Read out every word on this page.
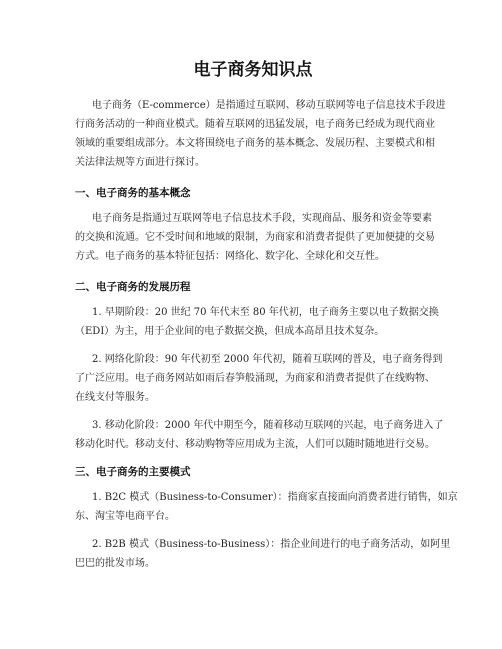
电子商务知识点

电子商务（E-commerce）是指通过互联网、移动互联网等电子信息技术手段进
行商务活动的一种商业模式。随着互联网的迅猛发展，电子商务已经成为现代商业
领域的重要组成部分。本文将围绕电子商务的基本概念、发展历程、主要模式和相
关法律法规等方面进行探讨。

一、电子商务的基本概念

电子商务是指通过互联网等电子信息技术手段，实现商品、服务和资金等要素
的交换和流通。它不受时间和地域的限制，为商家和消费者提供了更加便捷的交易
方式。电子商务的基本特征包括：网络化、数字化、全球化和交互性。

二、电子商务的发展历程

1. 早期阶段：20 世纪 70 年代末至 80 年代初，电子商务主要以电子数据交换
（EDI）为主，用于企业间的电子数据交换，但成本高昂且技术复杂。

2. 网络化阶段：90 年代初至 2000 年代初，随着互联网的普及，电子商务得到
了广泛应用。电子商务网站如雨后春笋般涌现，为商家和消费者提供了在线购物、
在线支付等服务。

3. 移动化阶段：2000 年代中期至今，随着移动互联网的兴起，电子商务进入了
移动化时代。移动支付、移动购物等应用成为主流，人们可以随时随地进行交易。

三、电子商务的主要模式

1. B2C 模式（Business-to-Consumer）：指商家直接面向消费者进行销售，如京
东、淘宝等电商平台。

2. B2B 模式（Business-to-Business）：指企业间进行的电子商务活动，如阿里
巴巴的批发市场。
